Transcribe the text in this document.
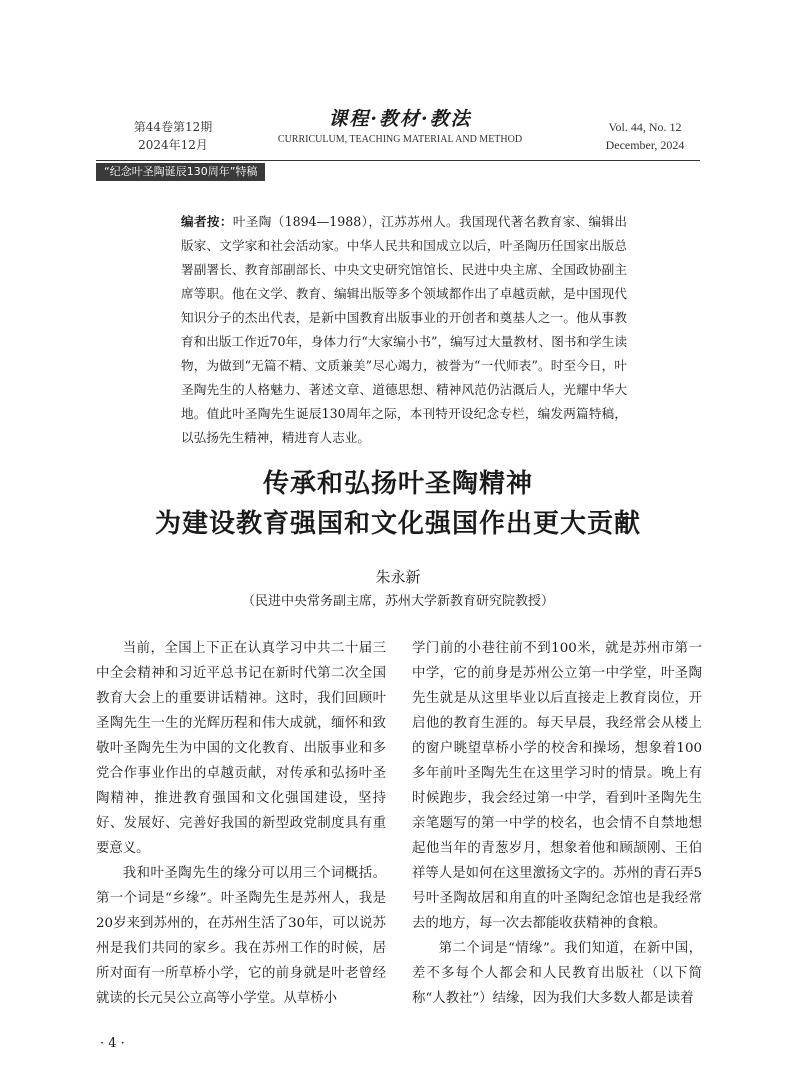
第44卷第12期
2024年12月
课程·教材·教法
CURRICULUM, TEACHING MATERIAL AND METHOD
Vol. 44, No. 12
December, 2024
“纪念叶圣陶诞辰130周年”特稿
编者按：叶圣陶（1894—1988），江苏苏州人。我国现代著名教育家、编辑出版家、文学家和社会活动家。中华人民共和国成立以后，叶圣陶历任国家出版总署副署长、教育部副部长、中央文史研究馆馆长、民进中央主席、全国政协副主席等职。他在文学、教育、编辑出版等多个领域都作出了卓越贡献，是中国现代知识分子的杰出代表，是新中国教育出版事业的开创者和奠基人之一。他从事教育和出版工作近70年，身体力行“大家编小书”，编写过大量教材、图书和学生读物，为做到“无篇不精、文质兼美”尽心竭力，被誉为“一代师表”。时至今日，叶圣陶先生的人格魅力、著述文章、道德思想、精神风范仍沾溉后人，光耀中华大地。值此叶圣陶先生诞辰130周年之际，本刊特开设纪念专栏，编发两篇特稿，以弘扬先生精神，精进育人志业。
传承和弘扬叶圣陶精神
为建设教育强国和文化强国作出更大贡献
朱永新
（民进中央常务副主席，苏州大学新教育研究院教授）

当前，全国上下正在认真学习中共二十届三中全会精神和习近平总书记在新时代第二次全国教育大会上的重要讲话精神。这时，我们回顾叶圣陶先生一生的光辉历程和伟大成就，缅怀和致敬叶圣陶先生为中国的文化教育、出版事业和多党合作事业作出的卓越贡献，对传承和弘扬叶圣陶精神，推进教育强国和文化强国建设，坚持好、发展好、完善好我国的新型政党制度具有重要意义。

我和叶圣陶先生的缘分可以用三个词概括。第一个词是“乡缘”。叶圣陶先生是苏州人，我是20岁来到苏州的，在苏州生活了30年，可以说苏州是我们共同的家乡。我在苏州工作的时候，居所对面有一所草桥小学，它的前身就是叶老曾经就读的长元吴公立高等小学堂。从草桥小

学门前的小巷往前不到100米，就是苏州市第一中学，它的前身是苏州公立第一中学堂，叶圣陶先生就是从这里毕业以后直接走上教育岗位，开启他的教育生涯的。每天早晨，我经常会从楼上的窗户眺望草桥小学的校舍和操场，想象着100多年前叶圣陶先生在这里学习时的情景。晚上有时候跑步，我会经过第一中学，看到叶圣陶先生亲笔题写的第一中学的校名，也会情不自禁地想起他当年的青葱岁月，想象着他和顾颉刚、王伯祥等人是如何在这里激扬文字的。苏州的青石弄5号叶圣陶故居和甪直的叶圣陶纪念馆也是我经常去的地方，每一次去都能收获精神的食粮。

第二个词是“情缘”。我们知道，在新中国，差不多每个人都会和人民教育出版社（以下简称“人教社”）结缘，因为我们大多数人都是读着

· 4 ·
